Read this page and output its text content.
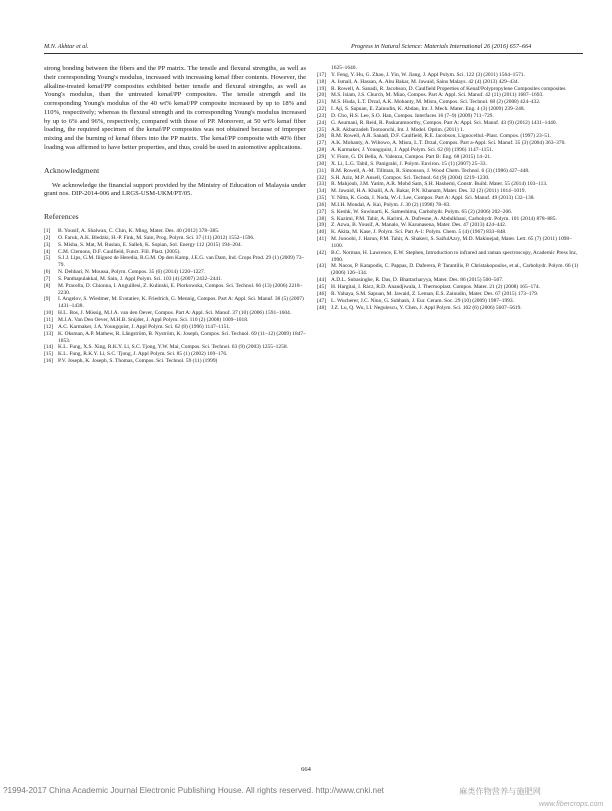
M.N. Akhtar et al.	Progress in Natural Science: Materials International 26 (2016) 657–664

strong bonding between the fibers and the PP matrix. The tensile and flexural strengths, as well as their corresponding Young's modulus, increased with increasing kenaf fiber contents. However, the alkaline-treated kenaf/PP composites exhibited better tensile and flexural strengths, as well as Young's modulus, than the untreated kenaf/PP composites. The tensile strength and its corresponding Young's modulus of the 40 wt% kenaf/PP composite increased by up to 18% and 110%, respectively; whereas its flexural strength and its corresponding Young's modulus increased by up to 6% and 96%, respectively, compared with those of PP. Moreover, at 50 wt% kenaf fiber loading, the required specimen of the kenaf/PP composites was not obtained because of improper mixing and the burning of kenaf fibers into the PP matrix. The kenaf/PP composite with 40% fiber loading was affirmed to have better properties, and thus, could be used in automotive applications.

Acknowledgment

We acknowledge the financial support provided by the Ministry of Education of Malaysia under grant nos. DIP-2014-006 and LRGS-USM-UKM/PT/05.

References
[1]	B. Yousif, A. Shalwan, C. Chin, K. Ming, Mater. Des. 40 (2012) 378–385.
[2]	O. Faruk, A.K. Bledzki, H.-P. Fink, M. Sain, Prog. Polym. Sci. 37 (11) (2012) 1552–1596.
[3]	S. Misha, S. Mat, M. Ruslan, E. Salleh, K. Sopian, Sol. Energy 112 (2015) 194–204.
[4]	C.M. Clemons, D.F. Caulfield, Funct. Fill. Plast. (2005).
[5]	S.J.J. Lips, G.M. Iñiguez de Heredia, R.G.M. Op den Kamp, J.E.G. van Dam, Ind. Crops Prod. 29 (1) (2009) 73–79.
[6]	N. Dehbari, N. Moussa, Polym. Compos. 35 (6) (2014) 1220–1227.
[7]	S. Panthapulakkal, M. Sain, J. Appl Polym. Sci. 103 (4) (2007) 2432–2441.
[8]	M. Pracella, D. Chionna, I. Anguillesi, Z. Kulinski, E. Piorkowska, Compos. Sci. Technol. 66 (13) (2006) 2218–2230.
[9]	I. Angelov, S. Wiedmer, M. Evstatiev, K. Friedrich, G. Mennig, Compos. Part A: Appl. Sci. Manuf. 38 (5) (2007) 1431–1438.
[10] H.L. Bos, J. Müssig, M.J.A. van den Oever, Compos. Part A: Appl. Sci. Manuf. 37 (10) (2006) 1591–1604.
[11] M.J.A. Van Den Oever, M.H.B. Snijder, J. Appl Polym. Sci. 110 (2) (2008) 1009–1018.
[12] A.C. Karmaker, J.A. Youngquist, J. Appl Polym. Sci. 62 (8) (1996) 1147–1151.
[13] K. Oksman, A.P. Mathew, R. Långström, B. Nyström, K. Joseph, Compos. Sci. Technol. 69 (11–12) (2009) 1847–1853.
[14] K.L. Fung, X.S. Xing, R.K.Y. Li, S.C. Tjong, Y.W. Mai, Compos. Sci. Technol. 63 (9) (2003) 1255–1258.
[15] K.L. Fung, R.K.Y. Li, S.C. Tjong, J. Appl Polym. Sci. 85 (1) (2002) 169–176.
[16] P.V. Joseph, K. Joseph, S. Thomas, Compos. Sci. Technol. 59 (11) (1999)

1625–1640.

[17] Y. Feng, Y. Hu, G. Zhao, J. Yin, W. Jiang, J. Appl Polym. Sci. 122 (3) (2011) 1564–1571.
[18] A. Ismail, A. Hassan, A. Abu Bakar, M. Jawaid, Sains Malays. 42 (4) (2013) 429–434.
[19] R. Rowell, A. Sanadi, R. Jacobson, D. Caulfield Properties of Kenaf/Polypropylene Composites composites
[20] M.S. Islam, J.S. Church, M. Miao, Compos. Part A: Appl. Sci. Manuf. 42 (11) (2011) 1687–1693.
[21] M.S. Huda, L.T. Drzal, A.K. Mohanty, M. Misra, Compos. Sci. Technol. 68 (2) (2008) 424–432.
[22] I. Aji, S. Sapuan, E. Zainudin, K. Abdan, Int. J. Mech. Mater. Eng. 4 (3) (2009) 239–248.
[23] D. Cho, H.S. Lee, S.O. Han, Compos. Interfaces 16 (7–9) (2009) 711–729.
[24] G. Asumani, R. Reid, R. Paskaramoorthy, Compos. Part A: Appl. Sci. Manuf. 43 (9) (2012) 1431–1440.
[25] A.R. Akbarzadeh Tootoonchi, Int. J. Model. Optim. (2011) 1.
[26] R.M. Rowell, A.R. Sanadi, D.F. Caulfield, R.E. Jacobson, Lignocellul.-Plast. Compos. (1997) 23–51.
[27] A.K. Mohanty, A. Wibowo, A. Misra, L.T. Drzal, Compos. Part a-Appl. Sci. Manuf. 35 (3) (2004) 363–370.
[28] A. Karmaker, J. Youngquist, J. Appl Polym. Sci. 62 (8) (1996) 1147–1151.
[29] V. Fiore, G. Di Bella, A. Valenza, Compos. Part B: Eng. 68 (2015) 14–21.
[30] X. Li, L.G. Tabil, S. Panigrahi, J. Polym. Environ. 15 (1) (2007) 25–33.
[31] R.M. Rowell, A.-M. Tillman, R. Simonson, J. Wood Chem. Technol. 6 (3) (1986) 427–448.
[32] S.H. Aziz, M.P. Ansell, Compos. Sci. Technol. 64 (9) (2004) 1219–1230.
[33] R. Mahjoub, J.M. Yatim, A.R. Mohd Sam, S.H. Hashemi, Constr. Build. Mater. 55 (2014) 103–113.
[34] M. Jawaid, H.A. Khalil, A.A. Bakar, P.N. Khanam, Mater. Des. 32 (2) (2011) 1014–1019.
[35] Y. Nitta, K. Goda, J. Noda, W.-I. Lee, Compos. Part A: Appl. Sci. Manuf. 49 (2013) 132–138.
[36] M.I.H. Mondal, A. Kai, Polym. J. 30 (2) (1998) 78–83.
[37] S. Keshk, W. Suwinarti, K. Sameshima, Carbohydr. Polym. 65 (2) (2006) 202–206.
[38] S. Kazimi, P.M. Tahir, A. Karimi, A. Dufresne, A. Abdulkhani, Carbohydr. Polym. 101 (2014) 878–885.
[39] Z. Azwa, B. Yousif, A. Manalo, W. Karunasena, Mater. Des. 47 (2013) 424–442.
[40] K. Akita, M. Kase, J. Polym. Sci. Part A-1: Polym. Chem. 5 (4) (1967) 833–848.
[41] M. Jonoobi, J. Harun, P.M. Tahir, A. Shakeri, S. SaifulAzry, M.D. Makinejad, Mater. Lett. 65 (7) (2011) 1098–1100.
[42] B.C. Norman, H. Lawrence, E.W. Stephen, Introduction to infrared and raman spectroscopy, Academic Press Inc, 1990.
[43] M. Nacos, P. Katapodis, C. Pappas, D. Daferera, P. Tarantilis, P. Christakopoulos, et al., Carbohydr. Polym. 66 (1) (2006) 126–134.
[44] A.D.L. Subasinghe, R. Das, D. Bhattacharyya, Mater. Des. 86 (2015) 500–507.
[45] H. Hargitai, I. Rácz, R.D. Anandjiwala, J. Thermoplast. Compos. Mater. 21 (2) (2008) 165–174.
[46] R. Yahaya, S.M. Sapuan, M. Jawaid, Z. Leman, E.S. Zainudin, Mater. Des. 67 (2015) 173–179.
[47] L. Wucherer, J.C. Nino, G. Subhash, J. Eur. Ceram. Soc. 29 (10) (2009) 1987–1993.
[48] J.Z. Lu, Q. Wu, I.I. Negulescu, Y. Chen, J. Appl Polym. Sci. 102 (6) (2006) 5607–5619.
664
?1994-2017 China Academic Journal Electronic Publishing House. All rights reserved. http://www.cnki.net	麻类作物营养与施肥网
www.fibercrops.com
